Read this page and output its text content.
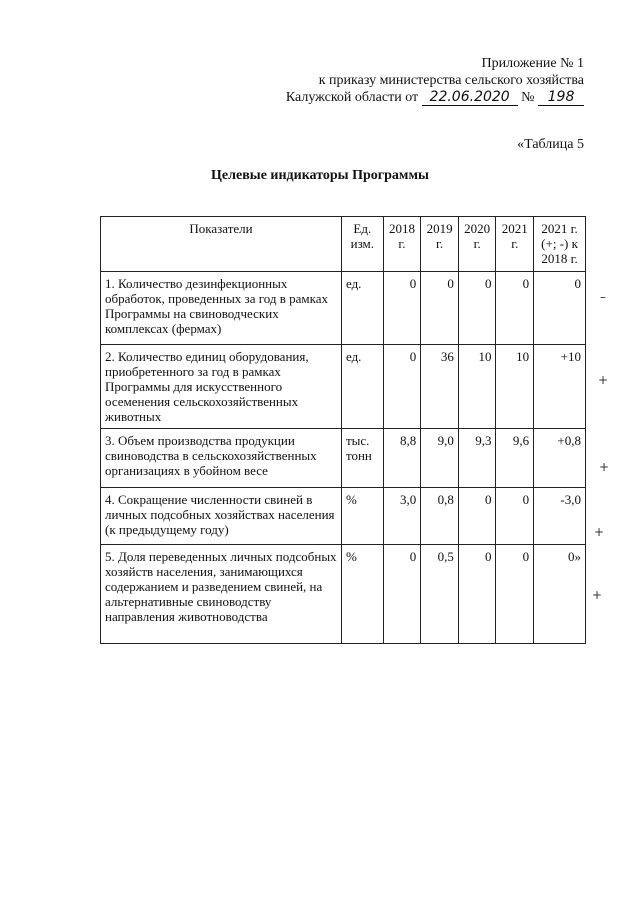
Приложение № 1
к приказу министерства сельского хозяйства
Калужской области от 22.06.2020 № 198
«Таблица 5
Целевые индикаторы Программы
Показатели	Ед. изм.	2018 г.	2019 г.	2020 г.	2021 г.	2021 г. (+; -) к 2018 г.
1. Количество дезинфекционных обработок, проведенных за год в рамках Программы на свиноводческих комплексах (фермах)	ед.	0	0	0	0	0
2. Количество единиц оборудования, приобретенного за год в рамках Программы для искусственного осеменения сельскохозяйственных животных	ед.	0	36	10	10	+10
3. Объем производства продукции свиноводства в сельскохозяйственных организациях в убойном весе	тыс. тонн	8,8	9,0	9,3	9,6	+0,8
4. Сокращение численности свиней в личных подсобных хозяйствах населения (к предыдущему году)	%	3,0	0,8	0	0	-3,0
5. Доля переведенных личных подсобных хозяйств населения, занимающихся содержанием и разведением свиней, на альтернативные свиноводству направления животноводства	%	0	0,5	0	0	0»
–
+
+
+
+
